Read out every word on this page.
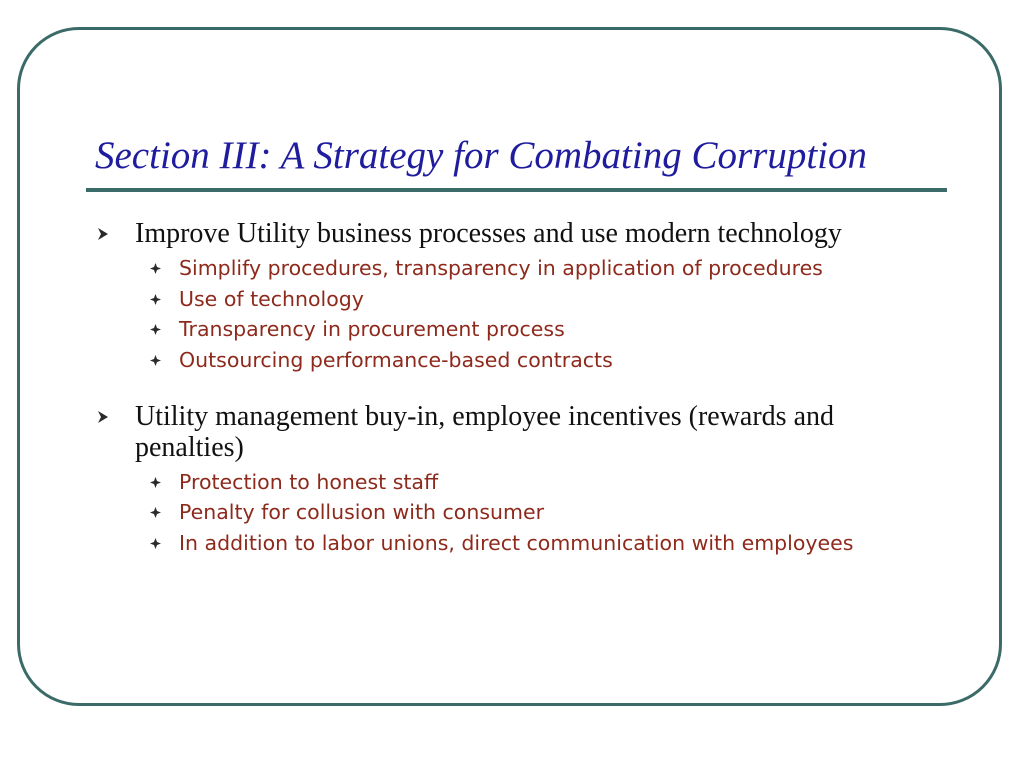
Section III: A Strategy for Combating Corruption
Improve Utility business processes and use modern technology
Simplify procedures, transparency in application of procedures
Use of technology
Transparency in procurement process
Outsourcing performance-based contracts
Utility management buy-in, employee incentives (rewards and penalties)
Protection to honest staff
Penalty for collusion with consumer
In addition to labor unions, direct communication with employees
